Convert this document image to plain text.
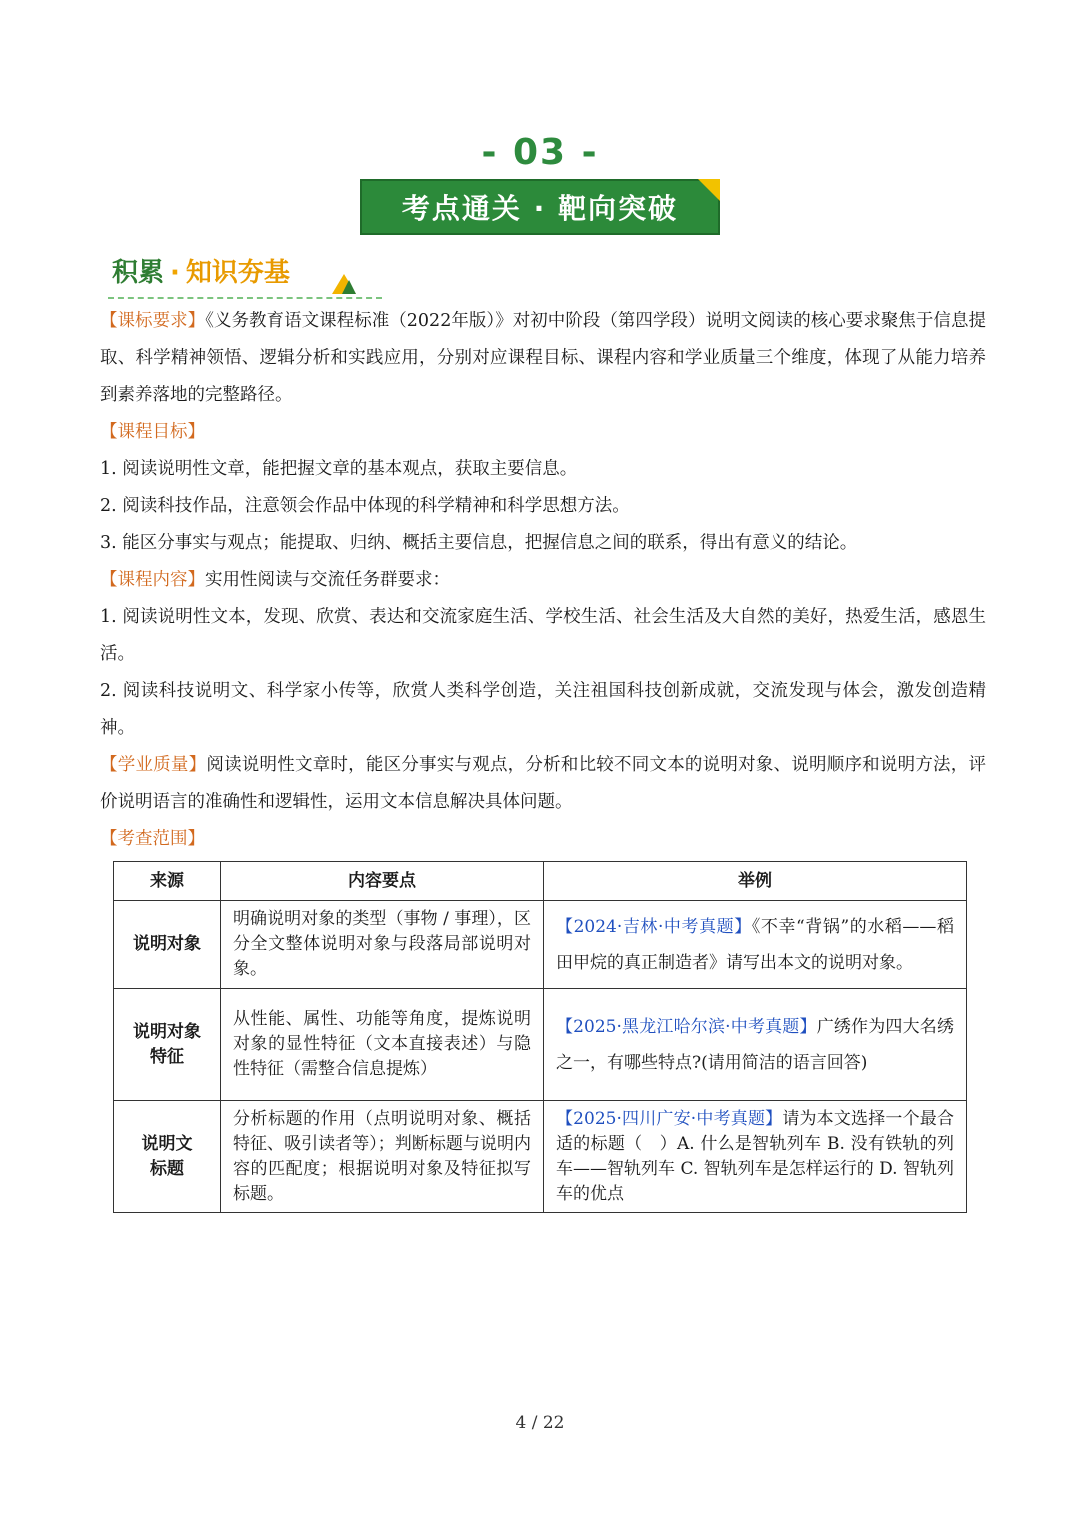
- 03 -
考点通关 · 靶向突破
积累 · 知识夯基

【课标要求】《义务教育语文课程标准（2022年版）》对初中阶段（第四学段）说明文阅读的核心要求聚焦于信息提取、科学精神领悟、逻辑分析和实践应用，分别对应课程目标、课程内容和学业质量三个维度，体现了从能力培养到素养落地的完整路径。

【课程目标】

1. 阅读说明性文章，能把握文章的基本观点，获取主要信息。

2. 阅读科技作品，注意领会作品中体现的科学精神和科学思想方法。

3. 能区分事实与观点；能提取、归纳、概括主要信息，把握信息之间的联系，得出有意义的结论。

【课程内容】实用性阅读与交流任务群要求：

1. 阅读说明性文本，发现、欣赏、表达和交流家庭生活、学校生活、社会生活及大自然的美好，热爱生活，感恩生活。

2. 阅读科技说明文、科学家小传等，欣赏人类科学创造，关注祖国科技创新成就，交流发现与体会，激发创造精神。

【学业质量】阅读说明性文章时，能区分事实与观点，分析和比较不同文本的说明对象、说明顺序和说明方法，评价说明语言的准确性和逻辑性，运用文本信息解决具体问题。

【考查范围】

来源	内容要点	举例
说明对象	明确说明对象的类型（事物 / 事理），区分全文整体说明对象与段落局部说明对象。	【2024·吉林·中考真题】《不幸“背锅”的水稻——稻田甲烷的真正制造者》请写出本文的说明对象。
说明对象特征	从性能、属性、功能等角度，提炼说明对象的显性特征（文本直接表述）与隐性特征（需整合信息提炼）	【2025·黑龙江哈尔滨·中考真题】广绣作为四大名绣之一，有哪些特点?(请用简洁的语言回答)
说明文标题	分析标题的作用（点明说明对象、概括特征、吸引读者等）；判断标题与说明内容的匹配度；根据说明对象及特征拟写标题。	【2025·四川广安·中考真题】请为本文选择一个最合适的标题（　）A. 什么是智轨列车 B. 没有铁轨的列车——智轨列车 C. 智轨列车是怎样运行的 D. 智轨列车的优点
4 / 22
